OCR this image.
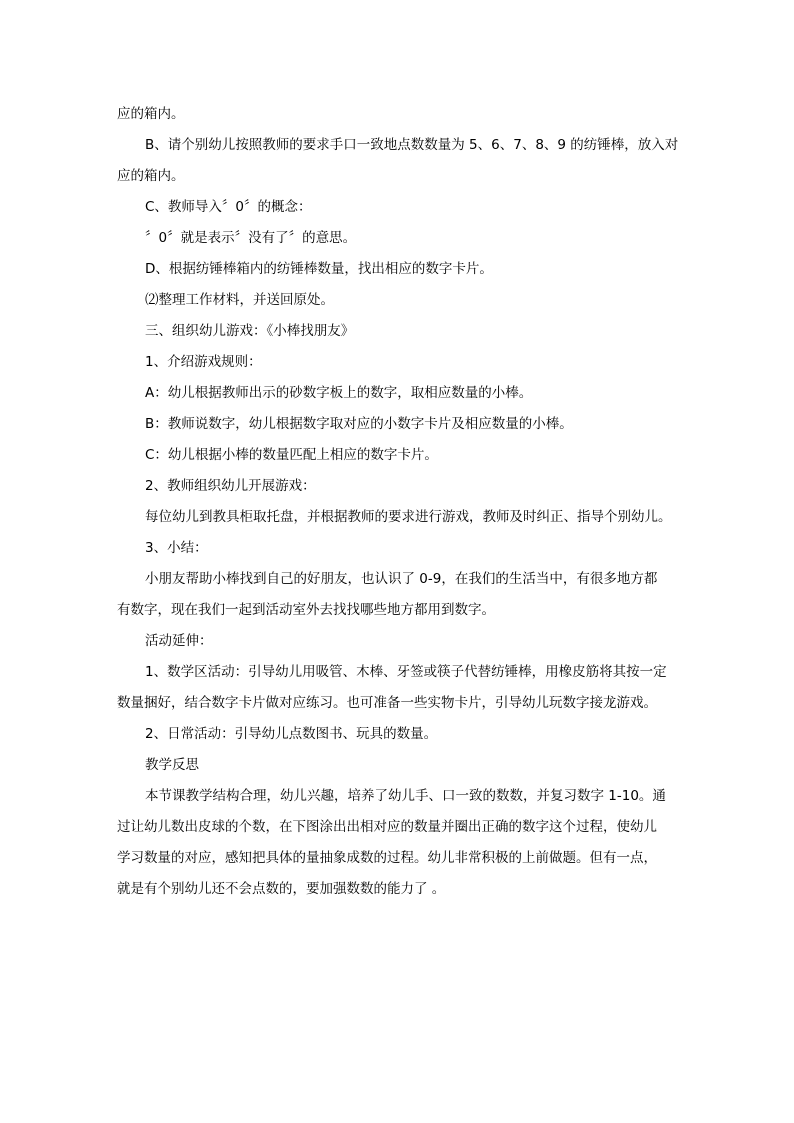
应的箱内。
B、请个别幼儿按照教师的要求手口一致地点数数量为 5、6、7、8、9 的纺锤棒，放入对
应的箱内。
C、教师导入〞0〞的概念：
〞0〞就是表示〞没有了〞的意思。
D、根据纺锤棒箱内的纺锤棒数量，找出相应的数字卡片。
⑵整理工作材料，并送回原处。
三、组织幼儿游戏：《小棒找朋友》
1、介绍游戏规则：
A：幼儿根据教师出示的砂数字板上的数字，取相应数量的小棒。
B：教师说数字，幼儿根据数字取对应的小数字卡片及相应数量的小棒。
C：幼儿根据小棒的数量匹配上相应的数字卡片。
2、教师组织幼儿开展游戏：
每位幼儿到教具柜取托盘，并根据教师的要求进行游戏，教师及时纠正、指导个别幼儿。
3、小结：
小朋友帮助小棒找到自己的好朋友，也认识了 0-9，在我们的生活当中，有很多地方都
有数字，现在我们一起到活动室外去找找哪些地方都用到数字。
活动延伸：
1、数学区活动：引导幼儿用吸管、木棒、牙签或筷子代替纺锤棒，用橡皮筋将其按一定
数量捆好，结合数字卡片做对应练习。也可准备一些实物卡片，引导幼儿玩数字接龙游戏。
2、日常活动：引导幼儿点数图书、玩具的数量。
教学反思
本节课教学结构合理，幼儿兴趣，培养了幼儿手、口一致的数数，并复习数字 1-10。通
过让幼儿数出皮球的个数，在下图涂出出相对应的数量并圈出正确的数字这个过程，使幼儿
学习数量的对应，感知把具体的量抽象成数的过程。幼儿非常积极的上前做题。但有一点，
就是有个别幼儿还不会点数的，要加强数数的能力了 。
